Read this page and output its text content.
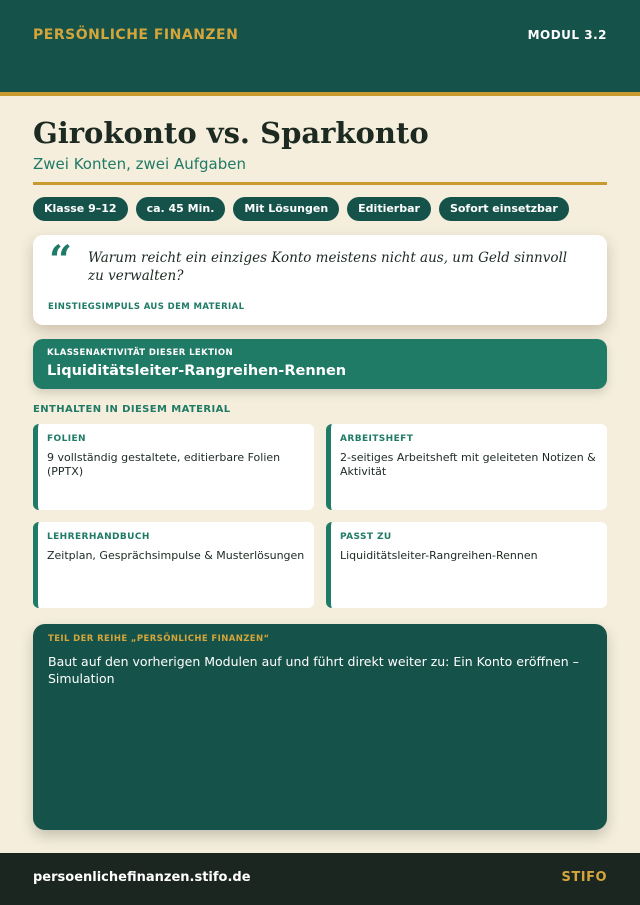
PERSÖNLICHE FINANZEN	MODUL 3.2
Girokonto vs. Sparkonto
Zwei Konten, zwei Aufgaben
Klasse 9–12	ca. 45 Min.	Mit Lösungen	Editierbar	Sofort einsetzbar
“ Warum reicht ein einziges Konto meistens nicht aus, um Geld sinnvoll zu verwalten?
EINSTIEGSIMPULS AUS DEM MATERIAL
KLASSENAKTIVITÄT DIESER LEKTION
Liquiditätsleiter-Rangreihen-Rennen
ENTHALTEN IN DIESEM MATERIAL
FOLIEN
9 vollständig gestaltete, editierbare Folien (PPTX)
ARBEITSHEFT
2-seitiges Arbeitsheft mit geleiteten Notizen & Aktivität
LEHRERHANDBUCH
Zeitplan, Gesprächsimpulse & Musterlösungen
PASST ZU
Liquiditätsleiter-Rangreihen-Rennen
TEIL DER REIHE „PERSÖNLICHE FINANZEN“
Baut auf den vorherigen Modulen auf und führt direkt weiter zu: Ein Konto eröffnen – Simulation
persoenlichefinanzen.stifo.de	STIFO
